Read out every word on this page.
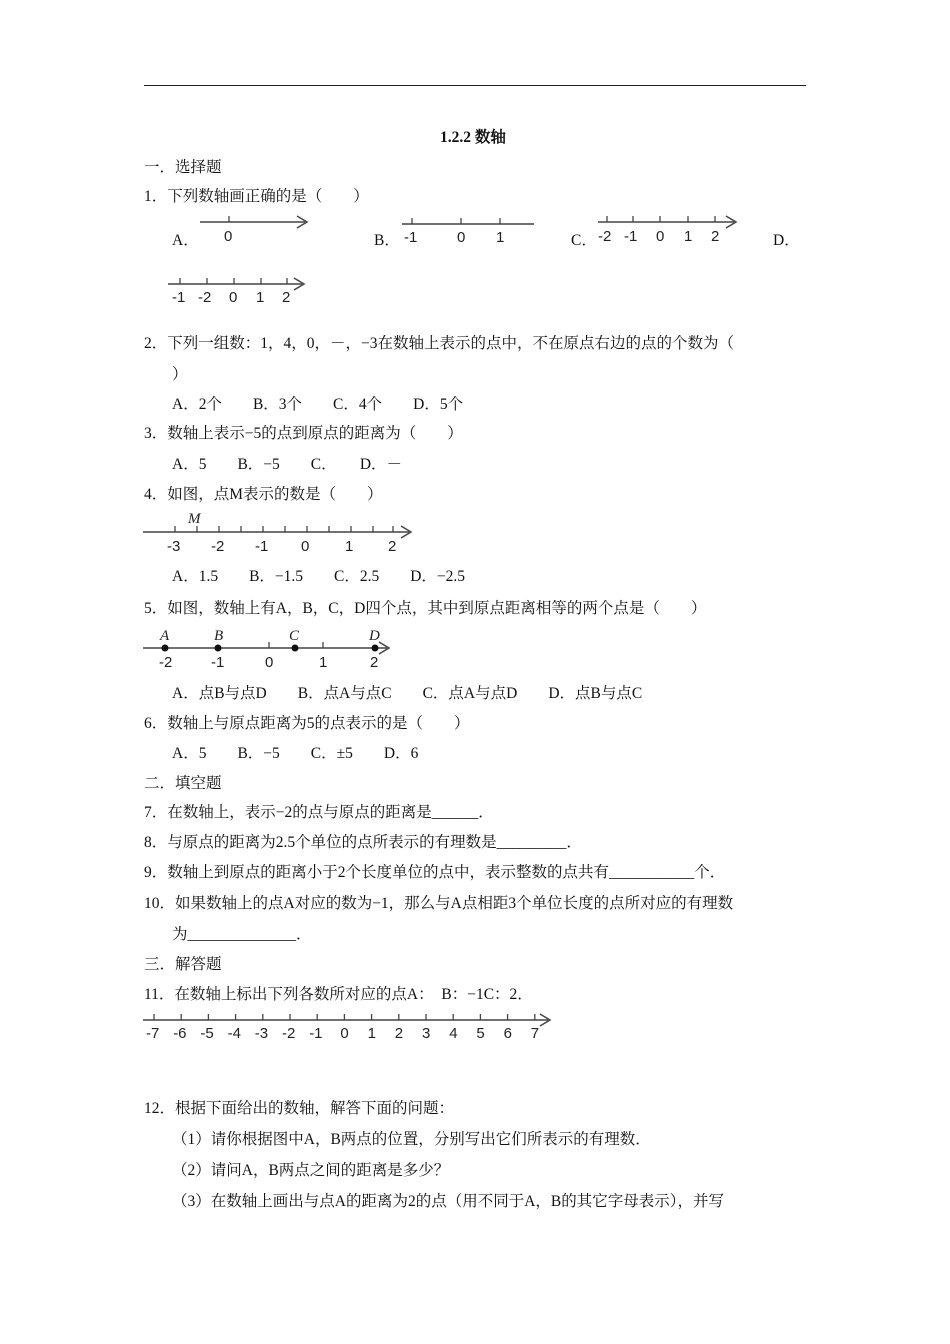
1.2.2 数轴
一．选择题
1．下列数轴画正确的是（　　）
A．	B．	C．	D．
0	-1	0 1	-2 -1 0 1 2
-1 -2 0 1 2
2．下列一组数：1，4，0，－，−3在数轴上表示的点中，不在原点右边的点的个数为（
）
A．2个　　B．3个　　C．4个　　D．5个
3．数轴上表示−5的点到原点的距离为（　　）
A．5　　B．−5　　C．　　D．－
4．如图，点M表示的数是（　　）
M
-3 -2 -1 0 1 2
A．1.5　　B．−1.5　　C．2.5　　D．−2.5
5．如图，数轴上有A，B，C，D四个点，其中到原点距离相等的两个点是（　　）
A	B	C	D
-2	-1	0	1	2
A．点B与点D　　B．点A与点C　　C．点A与点D　　D．点B与点C
6．数轴上与原点距离为5的点表示的是（　　）
A．5　　B．−5　　C．±5　　D．6
二．填空题
7．在数轴上，表示−2的点与原点的距离是______．
8．与原点的距离为2.5个单位的点所表示的有理数是_________．
9．数轴上到原点的距离小于2个长度单位的点中，表示整数的点共有___________个．
10．如果数轴上的点A对应的数为−1，那么与A点相距3个单位长度的点所对应的有理数
为______________．
三．解答题
11．在数轴上标出下列各数所对应的点A：　B：−1C：2．
-7 -6 -5 -4 -3 -2 -1 0 1 2 3 4 5 6 7
12．根据下面给出的数轴，解答下面的问题：
（1）请你根据图中A，B两点的位置，分别写出它们所表示的有理数．
（2）请问A，B两点之间的距离是多少？
（3）在数轴上画出与点A的距离为2的点（用不同于A，B的其它字母表示），并写
